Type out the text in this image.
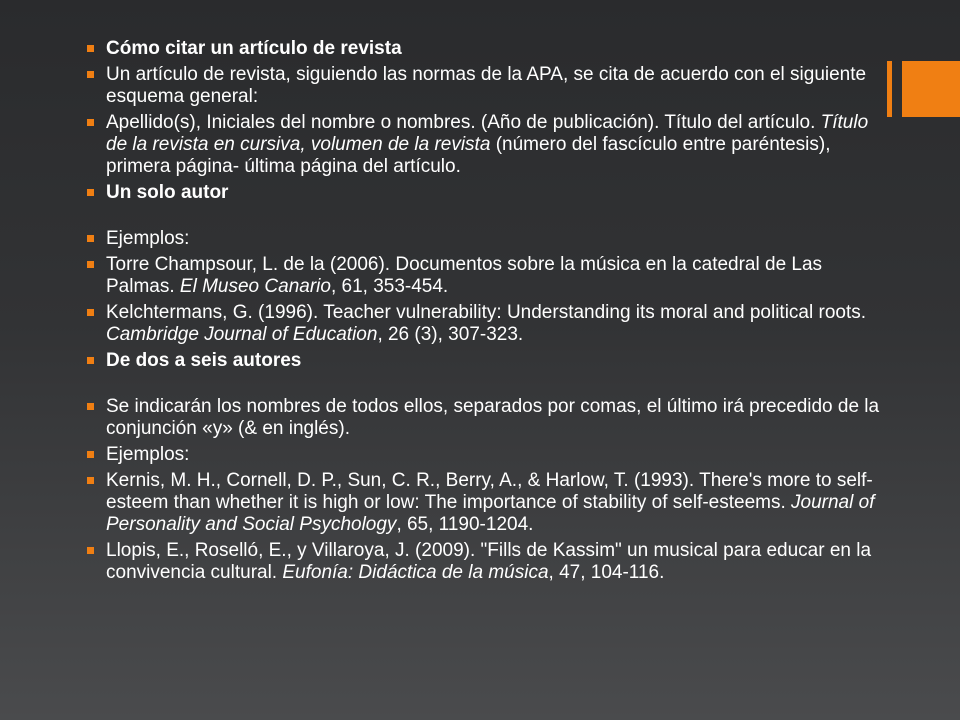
Cómo citar un artículo de revista
Un artículo de revista, siguiendo las normas de la APA, se cita de acuerdo con el siguiente esquema general:
Apellido(s), Iniciales del nombre o nombres. (Año de publicación). Título del artículo. Título de la revista en cursiva, volumen de la revista (número del fascículo entre paréntesis), primera página- última página del artículo.
Un solo autor
Ejemplos:
Torre Champsour, L. de la (2006). Documentos sobre la música en la catedral de Las Palmas. El Museo Canario, 61, 353-454.
Kelchtermans, G. (1996). Teacher vulnerability: Understanding its moral and political roots. Cambridge Journal of Education, 26 (3), 307-323.
De dos a seis autores
Se indicarán los nombres de todos ellos, separados por comas, el último irá precedido de la conjunción «y» (& en inglés).
Ejemplos:
Kernis, M. H., Cornell, D. P., Sun, C. R., Berry, A., & Harlow, T. (1993). There's more to self-esteem than whether it is high or low: The importance of stability of self-esteems. Journal of Personality and Social Psychology, 65, 1190-1204.
Llopis, E., Roselló, E., y Villaroya, J. (2009). "Fills de Kassim" un musical para educar en la convivencia cultural. Eufonía: Didáctica de la música, 47, 104-116.
